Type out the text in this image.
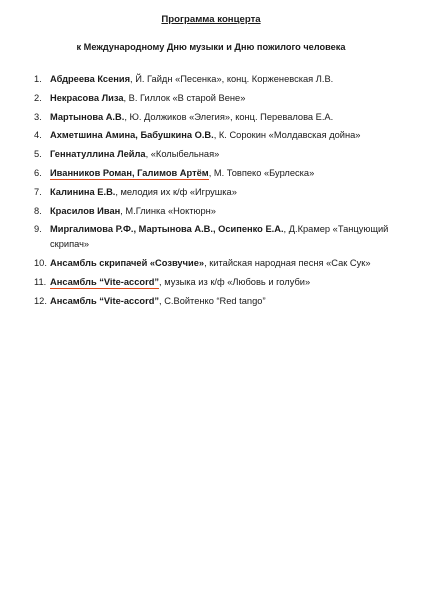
Программа концерта
к Международному Дню музыки и Дню пожилого человека
1. Абдреева Ксения, Й. Гайдн «Песенка», конц. Корженевская Л.В.
2. Некрасова Лиза, В. Гиллок «В старой Вене»
3. Мартынова А.В., Ю. Должиков «Элегия», конц. Перевалова Е.А.
4. Ахметшина Амина, Бабушкина О.В., К. Сорокин «Молдавская дойна»
5. Геннатуллина Лейла, «Колыбельная»
6. Иванников Роман, Галимов Артём, М. Товпеко «Бурлеска»
7. Калинина Е.В., мелодия их к/ф «Игрушка»
8. Красилов Иван, М.Глинка «Ноктюрн»
9. Миргалимова Р.Ф., Мартынова А.В., Осипенко Е.А., Д.Крамер «Танцующий скрипач»
10. Ансамбль скрипачей «Созвучие», китайская народная песня «Сак Сук»
11. Ансамбль “Vite-accord”, музыка из к/ф «Любовь и голуби»
12. Ансамбль “Vite-accord”, С.Войтенко “Red tango”
